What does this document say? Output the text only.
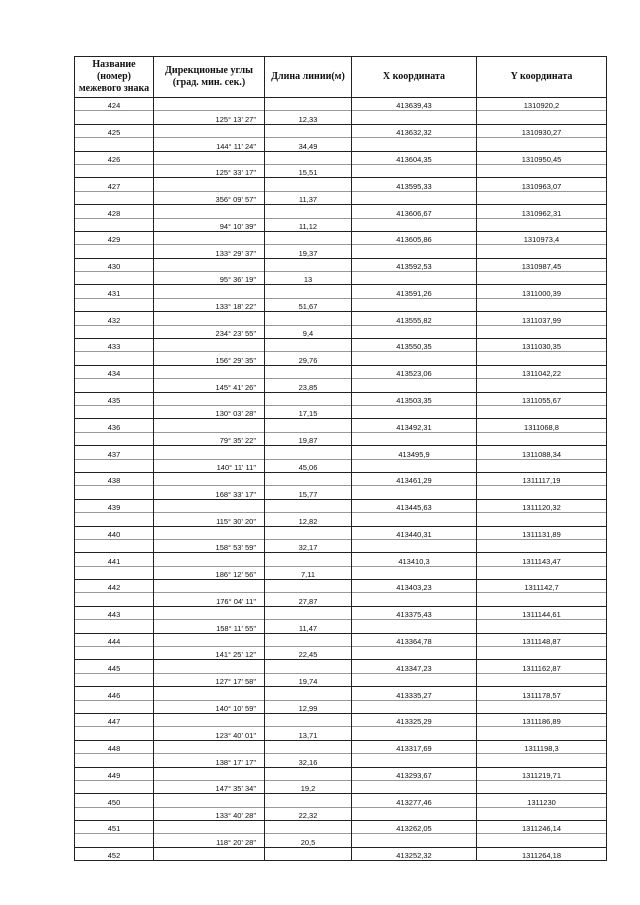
Название (номер) межевого знака	Дирекционые углы (град. мин. сек.)	Длина линии(м)	X координата	Y координата
424			413639,43	1310920,2
	125° 13' 27"	12,33		
425			413632,32	1310930,27
	144° 11' 24"	34,49		
426			413604,35	1310950,45
	125° 33' 17"	15,51		
427			413595,33	1310963,07
	356° 09' 57"	11,37		
428			413606,67	1310962,31
	94° 10' 39"	11,12		
429			413605,86	1310973,4
	133° 29' 37"	19,37		
430			413592,53	1310987,45
	95° 36' 19"	13		
431			413591,26	1311000,39
	133° 18' 22"	51,67		
432			413555,82	1311037,99
	234° 23' 55"	9,4		
433			413550,35	1311030,35
	156° 29' 35"	29,76		
434			413523,06	1311042,22
	145° 41' 26"	23,85		
435			413503,35	1311055,67
	130° 03' 28"	17,15		
436			413492,31	1311068,8
	79° 35' 22"	19,87		
437			413495,9	1311088,34
	140° 11' 11"	45,06		
438			413461,29	1311117,19
	168° 33' 17"	15,77		
439			413445,63	1311120,32
	115° 30' 20"	12,82		
440			413440,31	1311131,89
	158° 53' 59"	32,17		
441			413410,3	1311143,47
	186° 12' 56"	7,11		
442			413403,23	1311142,7
	176° 04' 11"	27,87		
443			413375,43	1311144,61
	158° 11' 55"	11,47		
444			413364,78	1311148,87
	141° 25' 12"	22,45		
445			413347,23	1311162,87
	127° 17' 58"	19,74		
446			413335,27	1311178,57
	140° 10' 59"	12,99		
447			413325,29	1311186,89
	123° 40' 01"	13,71		
448			413317,69	1311198,3
	138° 17' 17"	32,16		
449			413293,67	1311219,71
	147° 35' 34"	19,2		
450			413277,46	1311230
	133° 40' 28"	22,32		
451			413262,05	1311246,14
	118° 20' 28"	20,5		
452			413252,32	1311264,18
